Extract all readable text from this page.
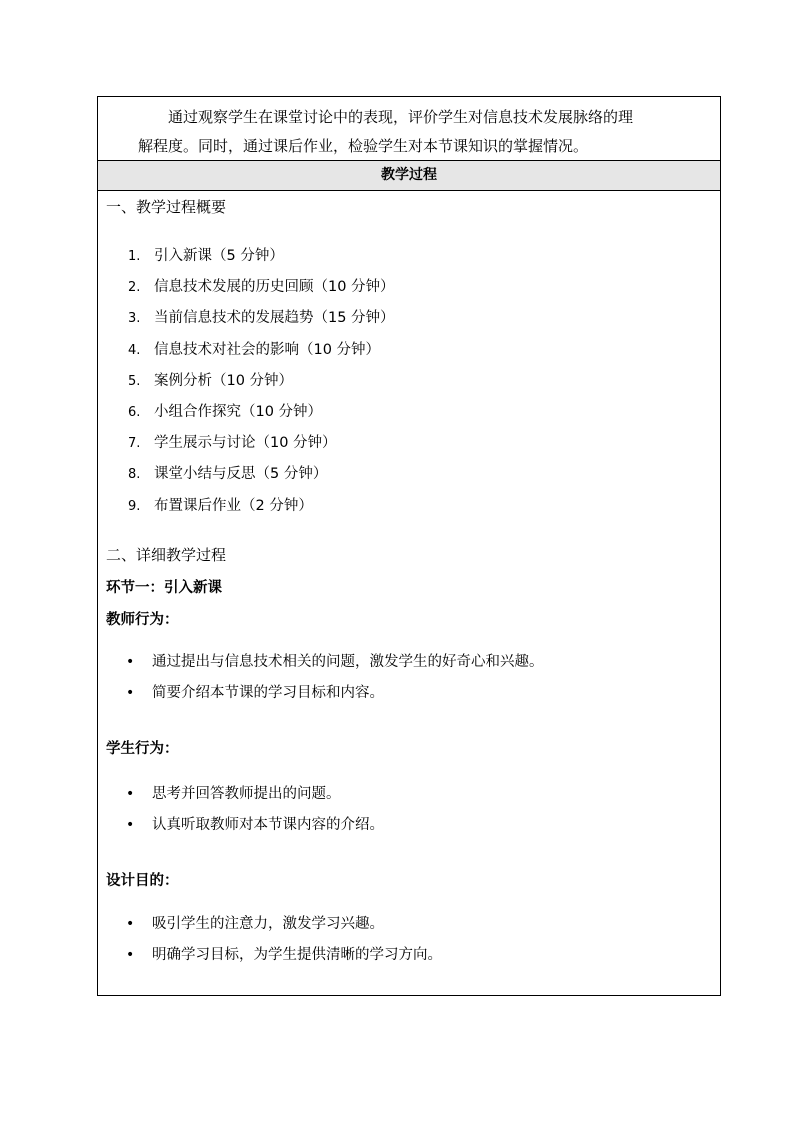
通过观察学生在课堂讨论中的表现，评价学生对信息技术发展脉络的理
解程度。同时，通过课后作业，检验学生对本节课知识的掌握情况。
教学过程
一、教学过程概要
1. 引入新课（5 分钟）
2. 信息技术发展的历史回顾（10 分钟）
3. 当前信息技术的发展趋势（15 分钟）
4. 信息技术对社会的影响（10 分钟）
5. 案例分析（10 分钟）
6. 小组合作探究（10 分钟）
7. 学生展示与讨论（10 分钟）
8. 课堂小结与反思（5 分钟）
9. 布置课后作业（2 分钟）
二、详细教学过程
环节一：引入新课
教师行为：
• 通过提出与信息技术相关的问题，激发学生的好奇心和兴趣。
• 简要介绍本节课的学习目标和内容。
学生行为：
• 思考并回答教师提出的问题。
• 认真听取教师对本节课内容的介绍。
设计目的：
• 吸引学生的注意力，激发学习兴趣。
• 明确学习目标，为学生提供清晰的学习方向。
